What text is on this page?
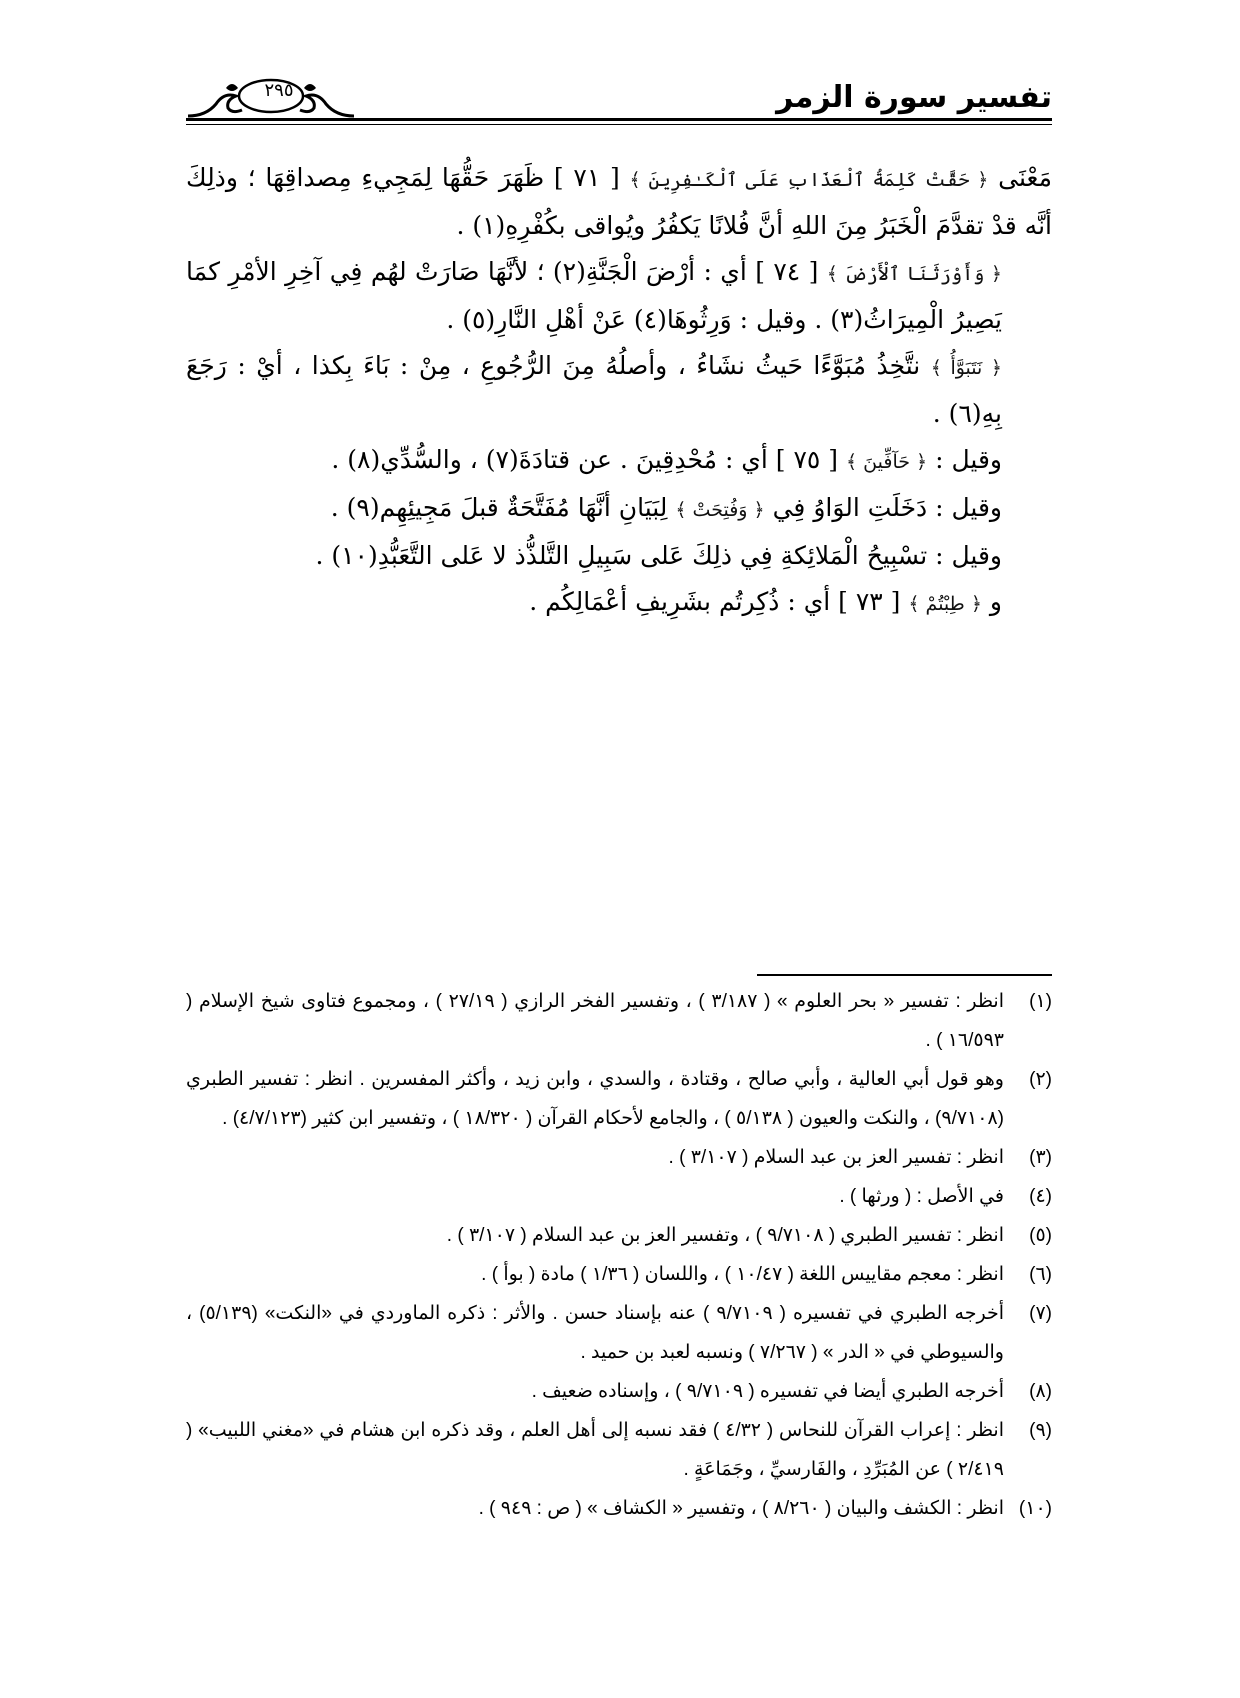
تفسير سورة الزمر
٢٩٥

مَعْنَى ﴿ حَقَّتْ كَلِمَةُ ٱلْعَذَابِ عَلَى ٱلْكَـٰفِرِينَ ﴾ [ ٧١ ] ظَهَرَ حَقُّهَا لِمَجِيءِ مِصداقِهَا ؛ وذلِكَ أنَّه قدْ تقدَّمَ الْخَبَرُ مِنَ اللهِ أنَّ فُلانًا يَكفُرُ ويُواقى بكُفْرِهِ(١) .

﴿ وَأَوْرَثَنَا ٱلْأَرْضَ ﴾ [ ٧٤ ] أي : أرْضَ الْجَنَّةِ(٢) ؛ لأنَّهَا صَارَتْ لهُم فِي آخِرِ الأمْرِ كمَا يَصِيرُ الْمِيرَاثُ(٣) . وقيل : وَرِثُوهَا(٤) عَنْ أهْلِ النَّارِ(٥) .

﴿ نَتَبَوَّأُ ﴾ نتَّخِذُ مُبَوَّءًا حَيثُ نشَاءُ ، وأصلُهُ مِنَ الرُّجُوعِ ، مِنْ : بَاءَ بِكذا ، أيْ : رَجَعَ بِهِ(٦) .

وقيل : ﴿ حَآفِّينَ ﴾ [ ٧٥ ] أي : مُحْدِقِينَ . عن قتادَةَ(٧) ، والسُّدِّي(٨) .

وقيل : دَخَلَتِ الوَاوُ فِي ﴿ وَفُتِحَتْ ﴾ لِبَيَانِ أنَّهَا مُفَتَّحَةٌ قبلَ مَجِيئِهِم(٩) .

وقيل : تسْبِيحُ الْمَلائِكةِ فِي ذلِكَ عَلى سَبِيلِ التَّلذُّذ لا عَلى التَّعَبُّدِ(١٠) .

و ﴿ طِبْتُمْ ﴾ [ ٧٣ ] أي : ذُكِرتُم بشَرِيفِ أعْمَالِكُم .

(١)
انظر : تفسير « بحر العلوم » ( ٣/١٨٧ ) ، وتفسير الفخر الرازي ( ٢٧/١٩ ) ، ومجموع فتاوى شيخ الإسلام ( ١٦/٥٩٣ ) .

(٢)
وهو قول أبي العالية ، وأبي صالح ، وقتادة ، والسدي ، وابن زيد ، وأكثر المفسرين . انظر : تفسير الطبري (٩/٧١٠٨) ، والنكت والعيون ( ٥/١٣٨ ) ، والجامع لأحكام القرآن ( ١٨/٣٢٠ ) ، وتفسير ابن كثير (٤/٧/١٢٣) .

(٣)
انظر : تفسير العز بن عبد السلام ( ٣/١٠٧ ) .

(٤)
في الأصل : ( ورثها ) .

(٥)
انظر : تفسير الطبري ( ٩/٧١٠٨ ) ، وتفسير العز بن عبد السلام ( ٣/١٠٧ ) .

(٦)
انظر : معجم مقاييس اللغة ( ١٠/٤٧ ) ، واللسان ( ١/٣٦ ) مادة ( بوأ ) .

(٧)
أخرجه الطبري في تفسيره ( ٩/٧١٠٩ ) عنه بإسناد حسن . والأثر : ذكره الماوردي في «النكت» (٥/١٣٩) ، والسيوطي في « الدر » ( ٧/٢٦٧ ) ونسبه لعبد بن حميد .

(٨)
أخرجه الطبري أيضا في تفسيره ( ٩/٧١٠٩ ) ، وإسناده ضعيف .

(٩)
انظر : إعراب القرآن للنحاس ( ٤/٣٢ ) فقد نسبه إلى أهل العلم ، وقد ذكره ابن هشام في «مغني اللبيب» ( ٢/٤١٩ ) عن المُبَرِّدِ ، والفَارسيِّ ، وجَمَاعَةٍ .

(١٠)
انظر : الكشف والبيان ( ٨/٢٦٠ ) ، وتفسير « الكشاف » ( ص : ٩٤٩ ) .
